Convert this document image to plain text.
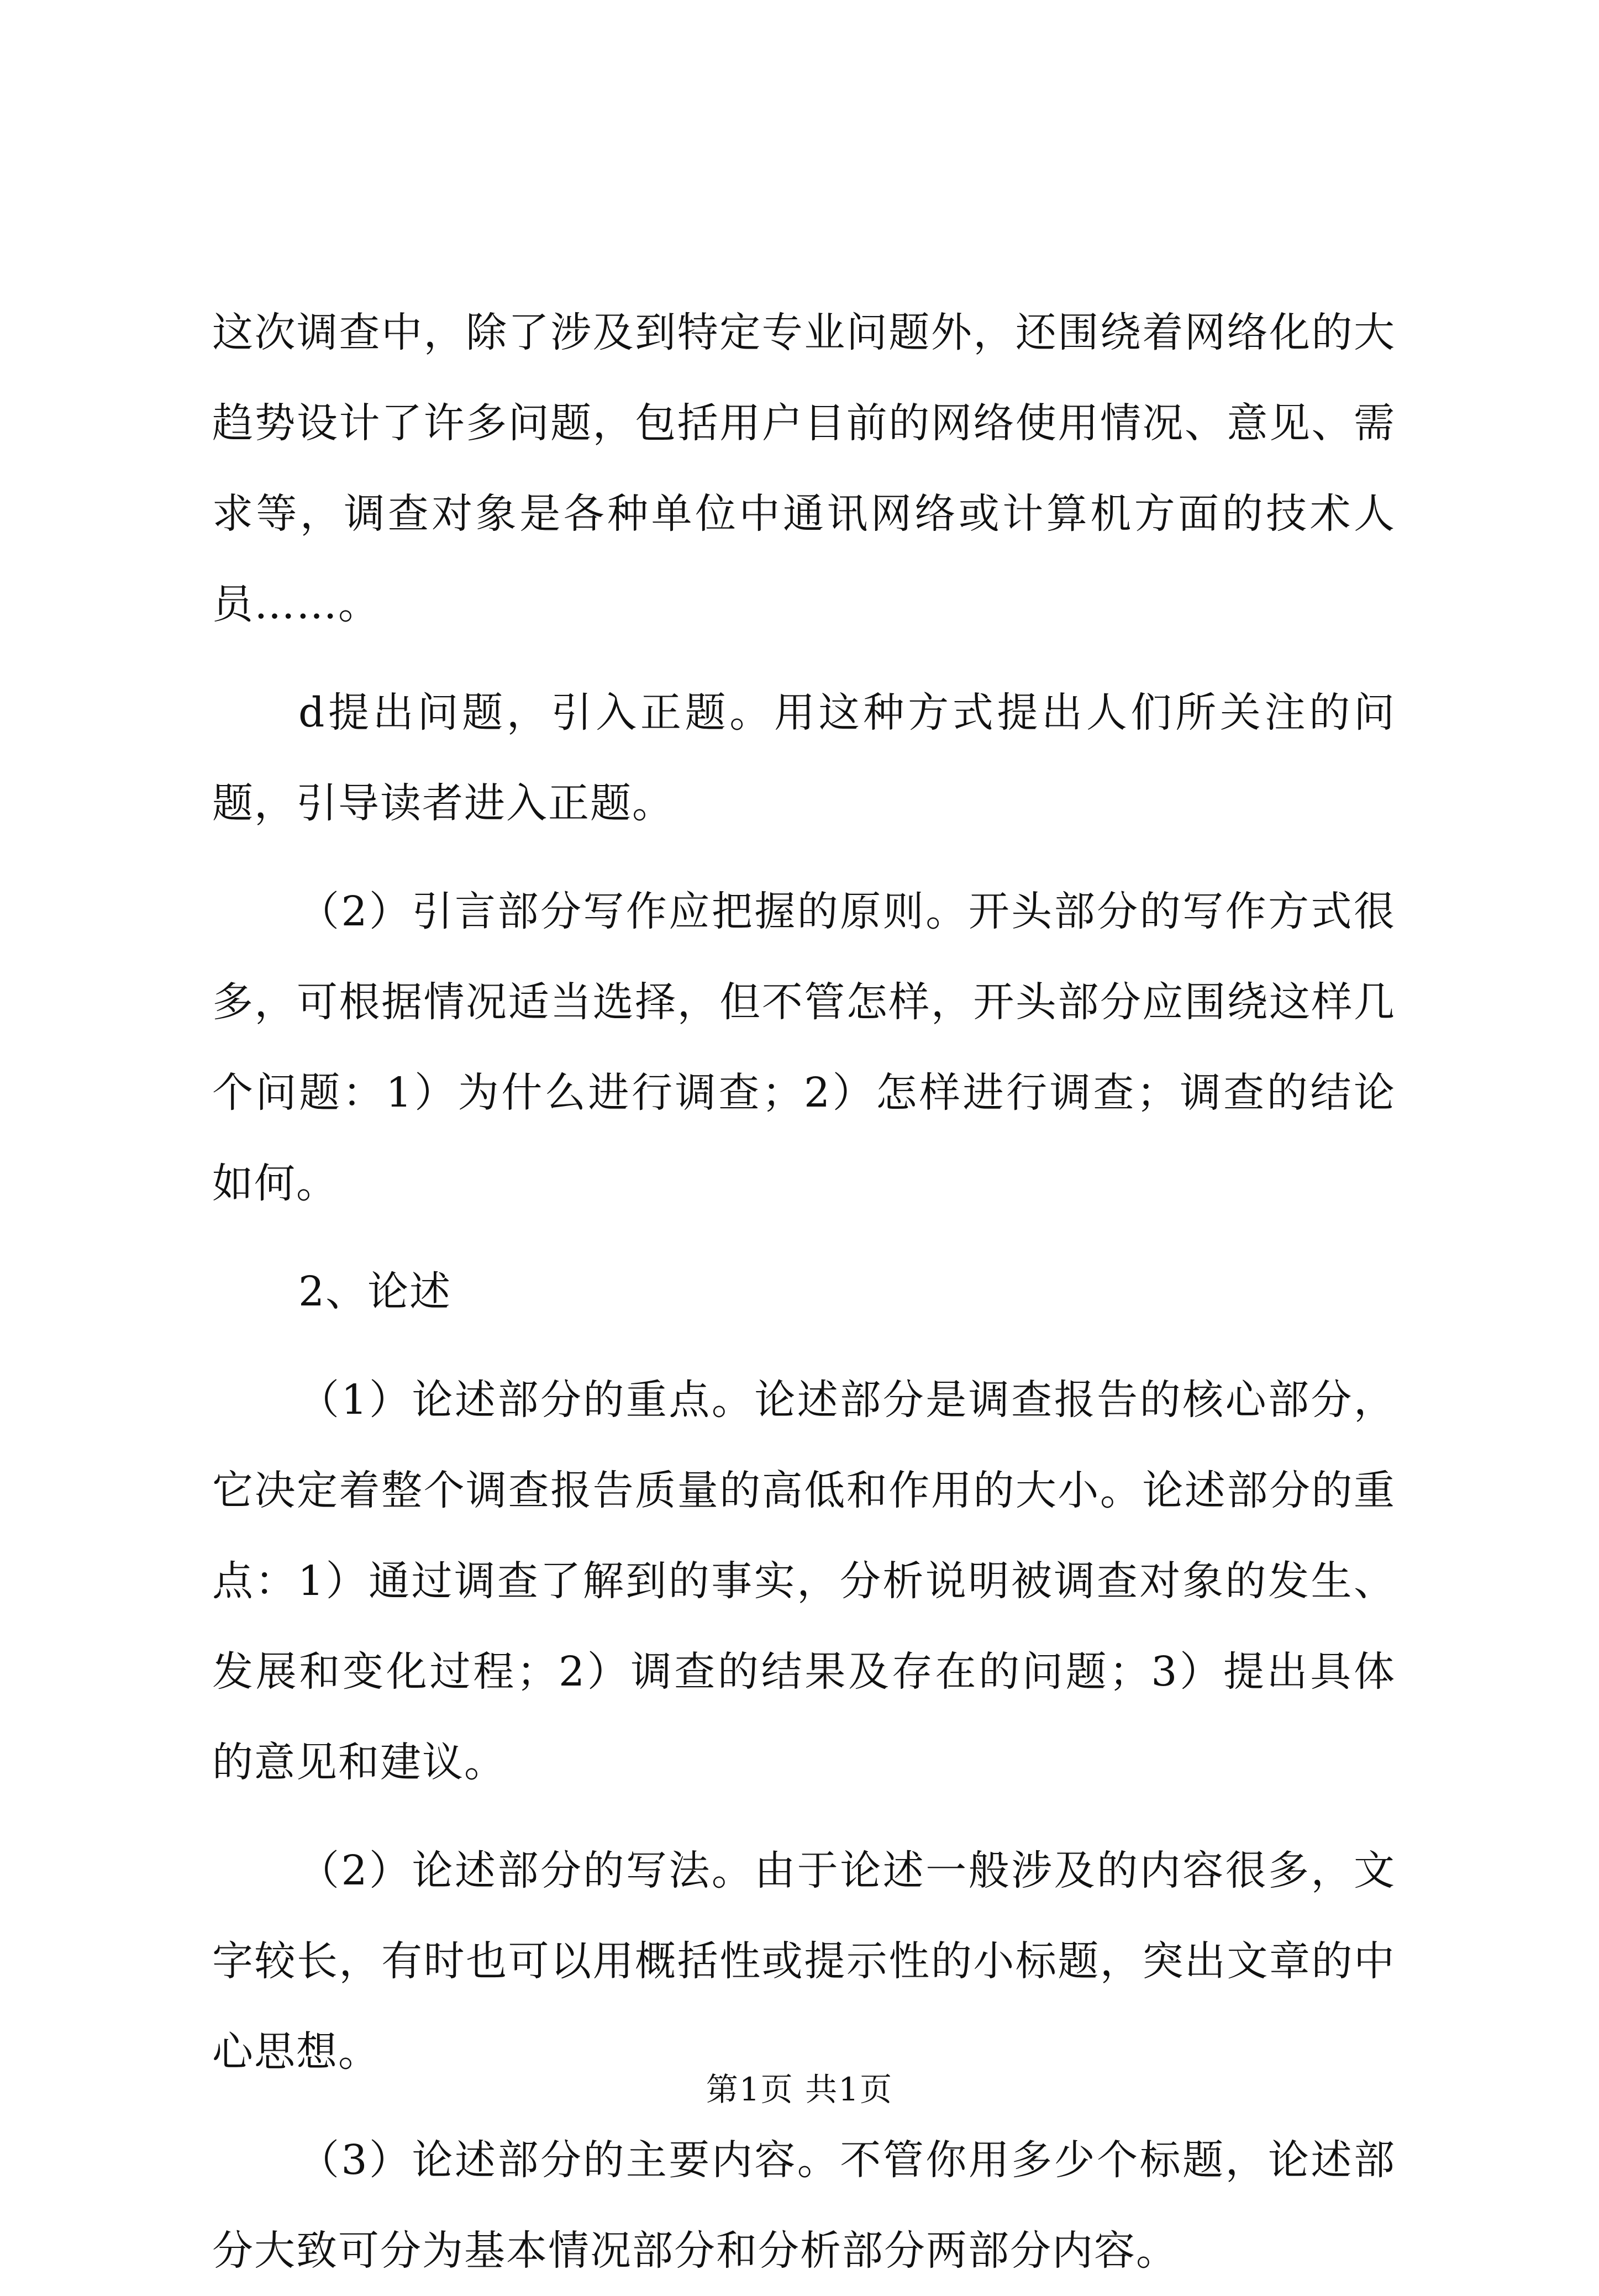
这次调查中，除了涉及到特定专业问题外，还围绕着网络化的大趋势设计了许多问题，包括用户目前的网络使用情况、意见、需求等，调查对象是各种单位中通讯网络或计算机方面的技术人员……。

d提出问题，引入正题。用这种方式提出人们所关注的问题，引导读者进入正题。

（2）引言部分写作应把握的原则。开头部分的写作方式很多，可根据情况适当选择，但不管怎样，开头部分应围绕这样几个问题：1）为什么进行调查；2）怎样进行调查；调查的结论如何。

2、论述

（1）论述部分的重点。论述部分是调查报告的核心部分，它决定着整个调查报告质量的高低和作用的大小。论述部分的重点：1）通过调查了解到的事实，分析说明被调查对象的发生、发展和变化过程；2）调查的结果及存在的问题；3）提出具体的意见和建议。

（2）论述部分的写法。由于论述一般涉及的内容很多，文字较长，有时也可以用概括性或提示性的小标题，突出文章的中心思想。

（3）论述部分的主要内容。不管你用多少个标题，论述部分大致可分为基本情况部分和分析部分两部分内容。

第1页 共1页
